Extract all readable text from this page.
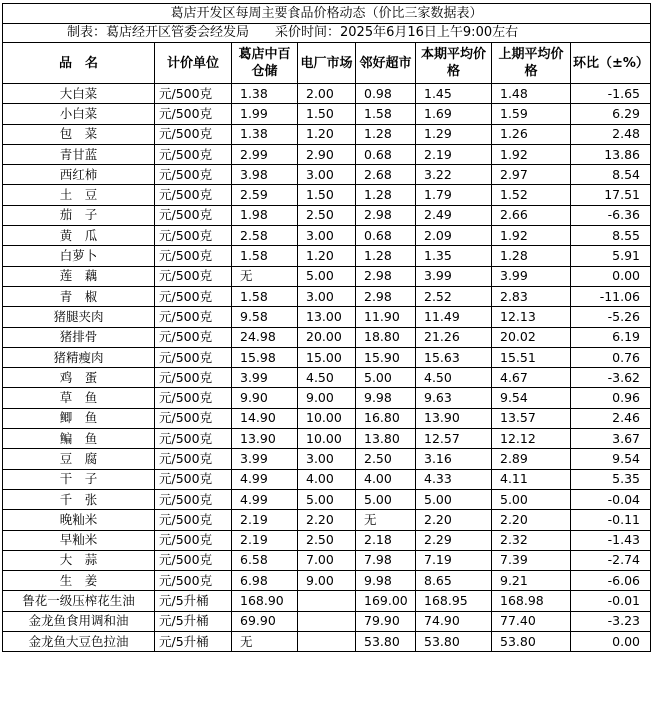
葛店开发区每周主要食品价格动态（价比三家数据表）							
制表：葛店经开区管委会经发局 采价时间：2025年6月16日上午9:00左右							
品　名	计价单位	葛店中百仓储	电厂市场	邻好超市	本期平均价格	上期平均价格	环比（±%）
大白菜	元/500克	1.38	2.00	0.98	1.45	1.48	-1.65
小白菜	元/500克	1.99	1.50	1.58	1.69	1.59	6.29
包　菜	元/500克	1.38	1.20	1.28	1.29	1.26	2.48
青甘蓝	元/500克	2.99	2.90	0.68	2.19	1.92	13.86
西红柿	元/500克	3.98	3.00	2.68	3.22	2.97	8.54
土　豆	元/500克	2.59	1.50	1.28	1.79	1.52	17.51
茄　子	元/500克	1.98	2.50	2.98	2.49	2.66	-6.36
黄　瓜	元/500克	2.58	3.00	0.68	2.09	1.92	8.55
白萝卜	元/500克	1.58	1.20	1.28	1.35	1.28	5.91
莲　藕	元/500克	无	5.00	2.98	3.99	3.99	0.00
青　椒	元/500克	1.58	3.00	2.98	2.52	2.83	-11.06
猪腿夹肉	元/500克	9.58	13.00	11.90	11.49	12.13	-5.26
猪排骨	元/500克	24.98	20.00	18.80	21.26	20.02	6.19
猪精瘦肉	元/500克	15.98	15.00	15.90	15.63	15.51	0.76
鸡　蛋	元/500克	3.99	4.50	5.00	4.50	4.67	-3.62
草　鱼	元/500克	9.90	9.00	9.98	9.63	9.54	0.96
鲫　鱼	元/500克	14.90	10.00	16.80	13.90	13.57	2.46
鳊　鱼	元/500克	13.90	10.00	13.80	12.57	12.12	3.67
豆　腐	元/500克	3.99	3.00	2.50	3.16	2.89	9.54
干　子	元/500克	4.99	4.00	4.00	4.33	4.11	5.35
千　张	元/500克	4.99	5.00	5.00	5.00	5.00	-0.04
晚籼米	元/500克	2.19	2.20	无	2.20	2.20	-0.11
早籼米	元/500克	2.19	2.50	2.18	2.29	2.32	-1.43
大　蒜	元/500克	6.58	7.00	7.98	7.19	7.39	-2.74
生　姜	元/500克	6.98	9.00	9.98	8.65	9.21	-6.06
鲁花一级压榨花生油	元/5升桶	168.90		169.00	168.95	168.98	-0.01
金龙鱼食用调和油	元/5升桶	69.90		79.90	74.90	77.40	-3.23
金龙鱼大豆色拉油	元/5升桶	无		53.80	53.80	53.80	0.00
